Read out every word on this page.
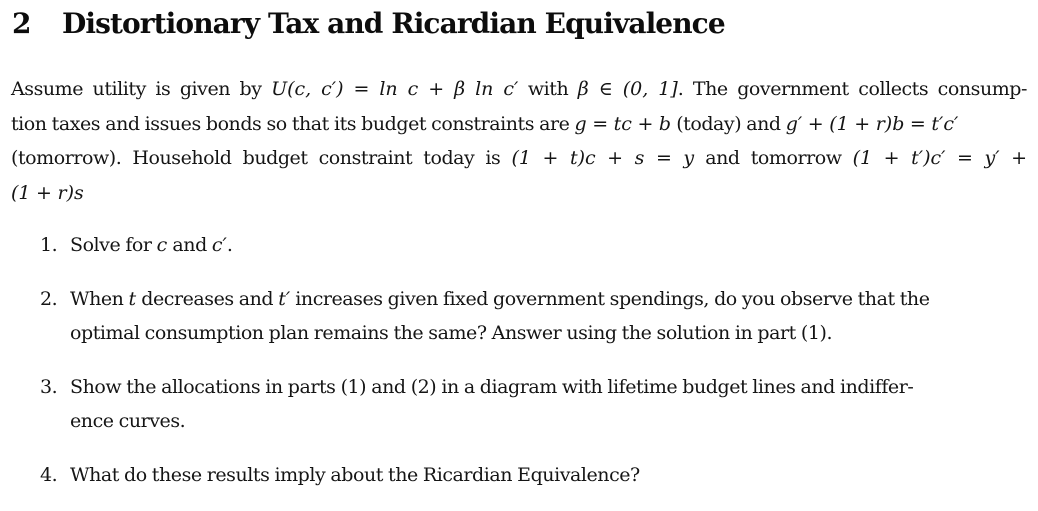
2 Distortionary Tax and Ricardian Equivalence

Assume utility is given by U(c, c′) = ln c + β ln c′ with β ∈ (0, 1]. The government collects consump-
tion taxes and issues bonds so that its budget constraints are g = tc + b (today) and g′ + (1 + r)b = t′c′
(tomorrow). Household budget constraint today is (1 + t)c + s = y and tomorrow (1 + t′)c′ = y′ +
(1 + r)s

1. Solve for c and c′.
2. When t decreases and t′ increases given fixed government spendings, do you observe that the
optimal consumption plan remains the same? Answer using the solution in part (1).
3. Show the allocations in parts (1) and (2) in a diagram with lifetime budget lines and indiffer-
ence curves.
4. What do these results imply about the Ricardian Equivalence?
